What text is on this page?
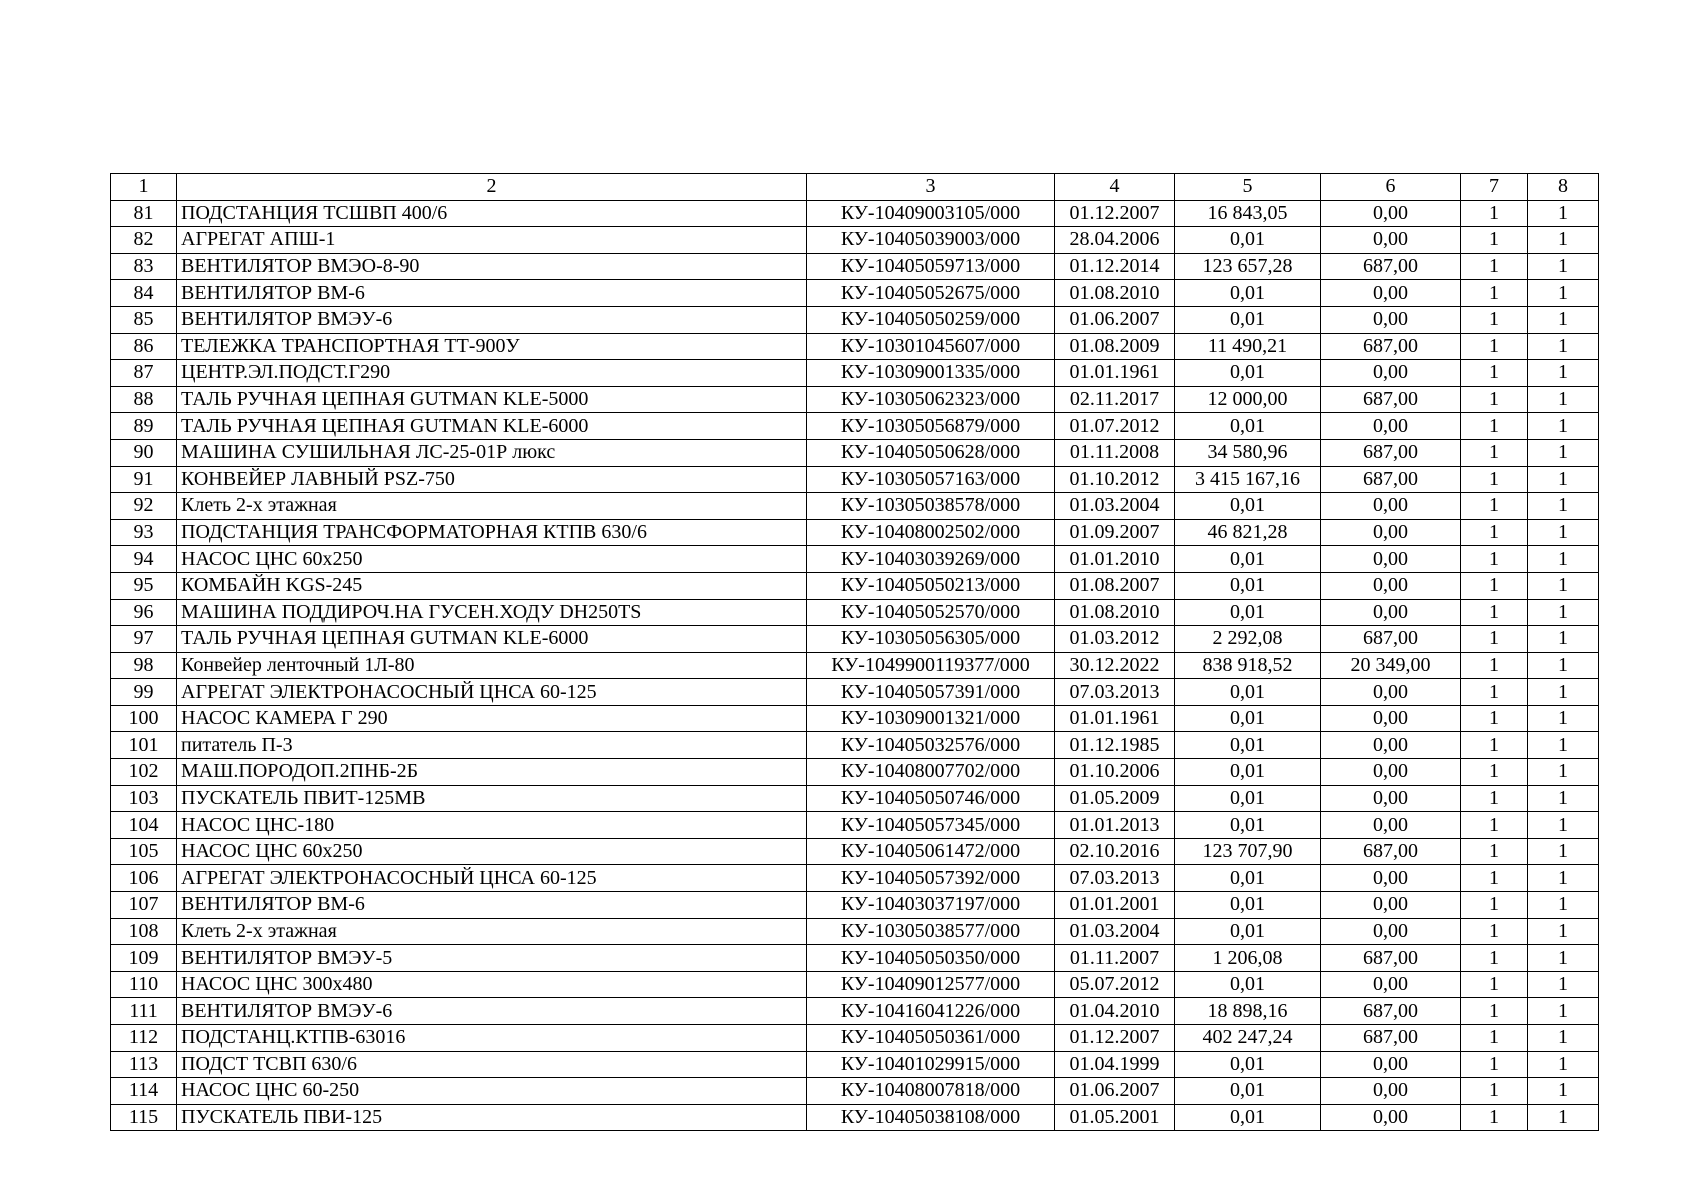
1	2	3	4	5	6	7	8
81	ПОДСТАНЦИЯ ТСШВП 400/6	КУ-10409003105/000	01.12.2007	16 843,05	0,00	1	1
82	АГРЕГАТ АПШ-1	КУ-10405039003/000	28.04.2006	0,01	0,00	1	1
83	ВЕНТИЛЯТОР ВМЭО-8-90	КУ-10405059713/000	01.12.2014	123 657,28	687,00	1	1
84	ВЕНТИЛЯТОР ВМ-6	КУ-10405052675/000	01.08.2010	0,01	0,00	1	1
85	ВЕНТИЛЯТОР ВМЭУ-6	КУ-10405050259/000	01.06.2007	0,01	0,00	1	1
86	ТЕЛЕЖКА ТРАНСПОРТНАЯ ТТ-900У	КУ-10301045607/000	01.08.2009	11 490,21	687,00	1	1
87	ЦЕНТР.ЭЛ.ПОДСТ.Г290	КУ-10309001335/000	01.01.1961	0,01	0,00	1	1
88	ТАЛЬ РУЧНАЯ ЦЕПНАЯ GUTMAN KLE-5000	КУ-10305062323/000	02.11.2017	12 000,00	687,00	1	1
89	ТАЛЬ РУЧНАЯ ЦЕПНАЯ GUTMAN KLE-6000	КУ-10305056879/000	01.07.2012	0,01	0,00	1	1
90	МАШИНА СУШИЛЬНАЯ ЛС-25-01Р люкс	КУ-10405050628/000	01.11.2008	34 580,96	687,00	1	1
91	КОНВЕЙЕР ЛАВНЫЙ PSZ-750	КУ-10305057163/000	01.10.2012	3 415 167,16	687,00	1	1
92	Клеть 2-х этажная	КУ-10305038578/000	01.03.2004	0,01	0,00	1	1
93	ПОДСТАНЦИЯ ТРАНСФОРМАТОРНАЯ КТПВ 630/6	КУ-10408002502/000	01.09.2007	46 821,28	0,00	1	1
94	НАСОС ЦНС 60х250	КУ-10403039269/000	01.01.2010	0,01	0,00	1	1
95	КОМБАЙН KGS-245	КУ-10405050213/000	01.08.2007	0,01	0,00	1	1
96	МАШИНА ПОДДИРОЧ.НА ГУСЕН.ХОДУ DH250TS	КУ-10405052570/000	01.08.2010	0,01	0,00	1	1
97	ТАЛЬ РУЧНАЯ ЦЕПНАЯ GUTMAN KLE-6000	КУ-10305056305/000	01.03.2012	2 292,08	687,00	1	1
98	Конвейер ленточный 1Л-80	КУ-1049900119377/000	30.12.2022	838 918,52	20 349,00	1	1
99	АГРЕГАТ ЭЛЕКТРОНАСОСНЫЙ ЦНСА 60-125	КУ-10405057391/000	07.03.2013	0,01	0,00	1	1
100	НАСОС КАМЕРА Г 290	КУ-10309001321/000	01.01.1961	0,01	0,00	1	1
101	питатель П-3	КУ-10405032576/000	01.12.1985	0,01	0,00	1	1
102	МАШ.ПОРОДОП.2ПНБ-2Б	КУ-10408007702/000	01.10.2006	0,01	0,00	1	1
103	ПУСКАТЕЛЬ ПВИТ-125МВ	КУ-10405050746/000	01.05.2009	0,01	0,00	1	1
104	НАСОС ЦНС-180	КУ-10405057345/000	01.01.2013	0,01	0,00	1	1
105	НАСОС ЦНС 60х250	КУ-10405061472/000	02.10.2016	123 707,90	687,00	1	1
106	АГРЕГАТ ЭЛЕКТРОНАСОСНЫЙ ЦНСА 60-125	КУ-10405057392/000	07.03.2013	0,01	0,00	1	1
107	ВЕНТИЛЯТОР ВМ-6	КУ-10403037197/000	01.01.2001	0,01	0,00	1	1
108	Клеть 2-х этажная	КУ-10305038577/000	01.03.2004	0,01	0,00	1	1
109	ВЕНТИЛЯТОР ВМЭУ-5	КУ-10405050350/000	01.11.2007	1 206,08	687,00	1	1
110	НАСОС ЦНС 300х480	КУ-10409012577/000	05.07.2012	0,01	0,00	1	1
111	ВЕНТИЛЯТОР ВМЭУ-6	КУ-10416041226/000	01.04.2010	18 898,16	687,00	1	1
112	ПОДСТАНЦ.КТПВ-63016	КУ-10405050361/000	01.12.2007	402 247,24	687,00	1	1
113	ПОДСТ ТСВП 630/6	КУ-10401029915/000	01.04.1999	0,01	0,00	1	1
114	НАСОС ЦНС 60-250	КУ-10408007818/000	01.06.2007	0,01	0,00	1	1
115	ПУСКАТЕЛЬ ПВИ-125	КУ-10405038108/000	01.05.2001	0,01	0,00	1	1
